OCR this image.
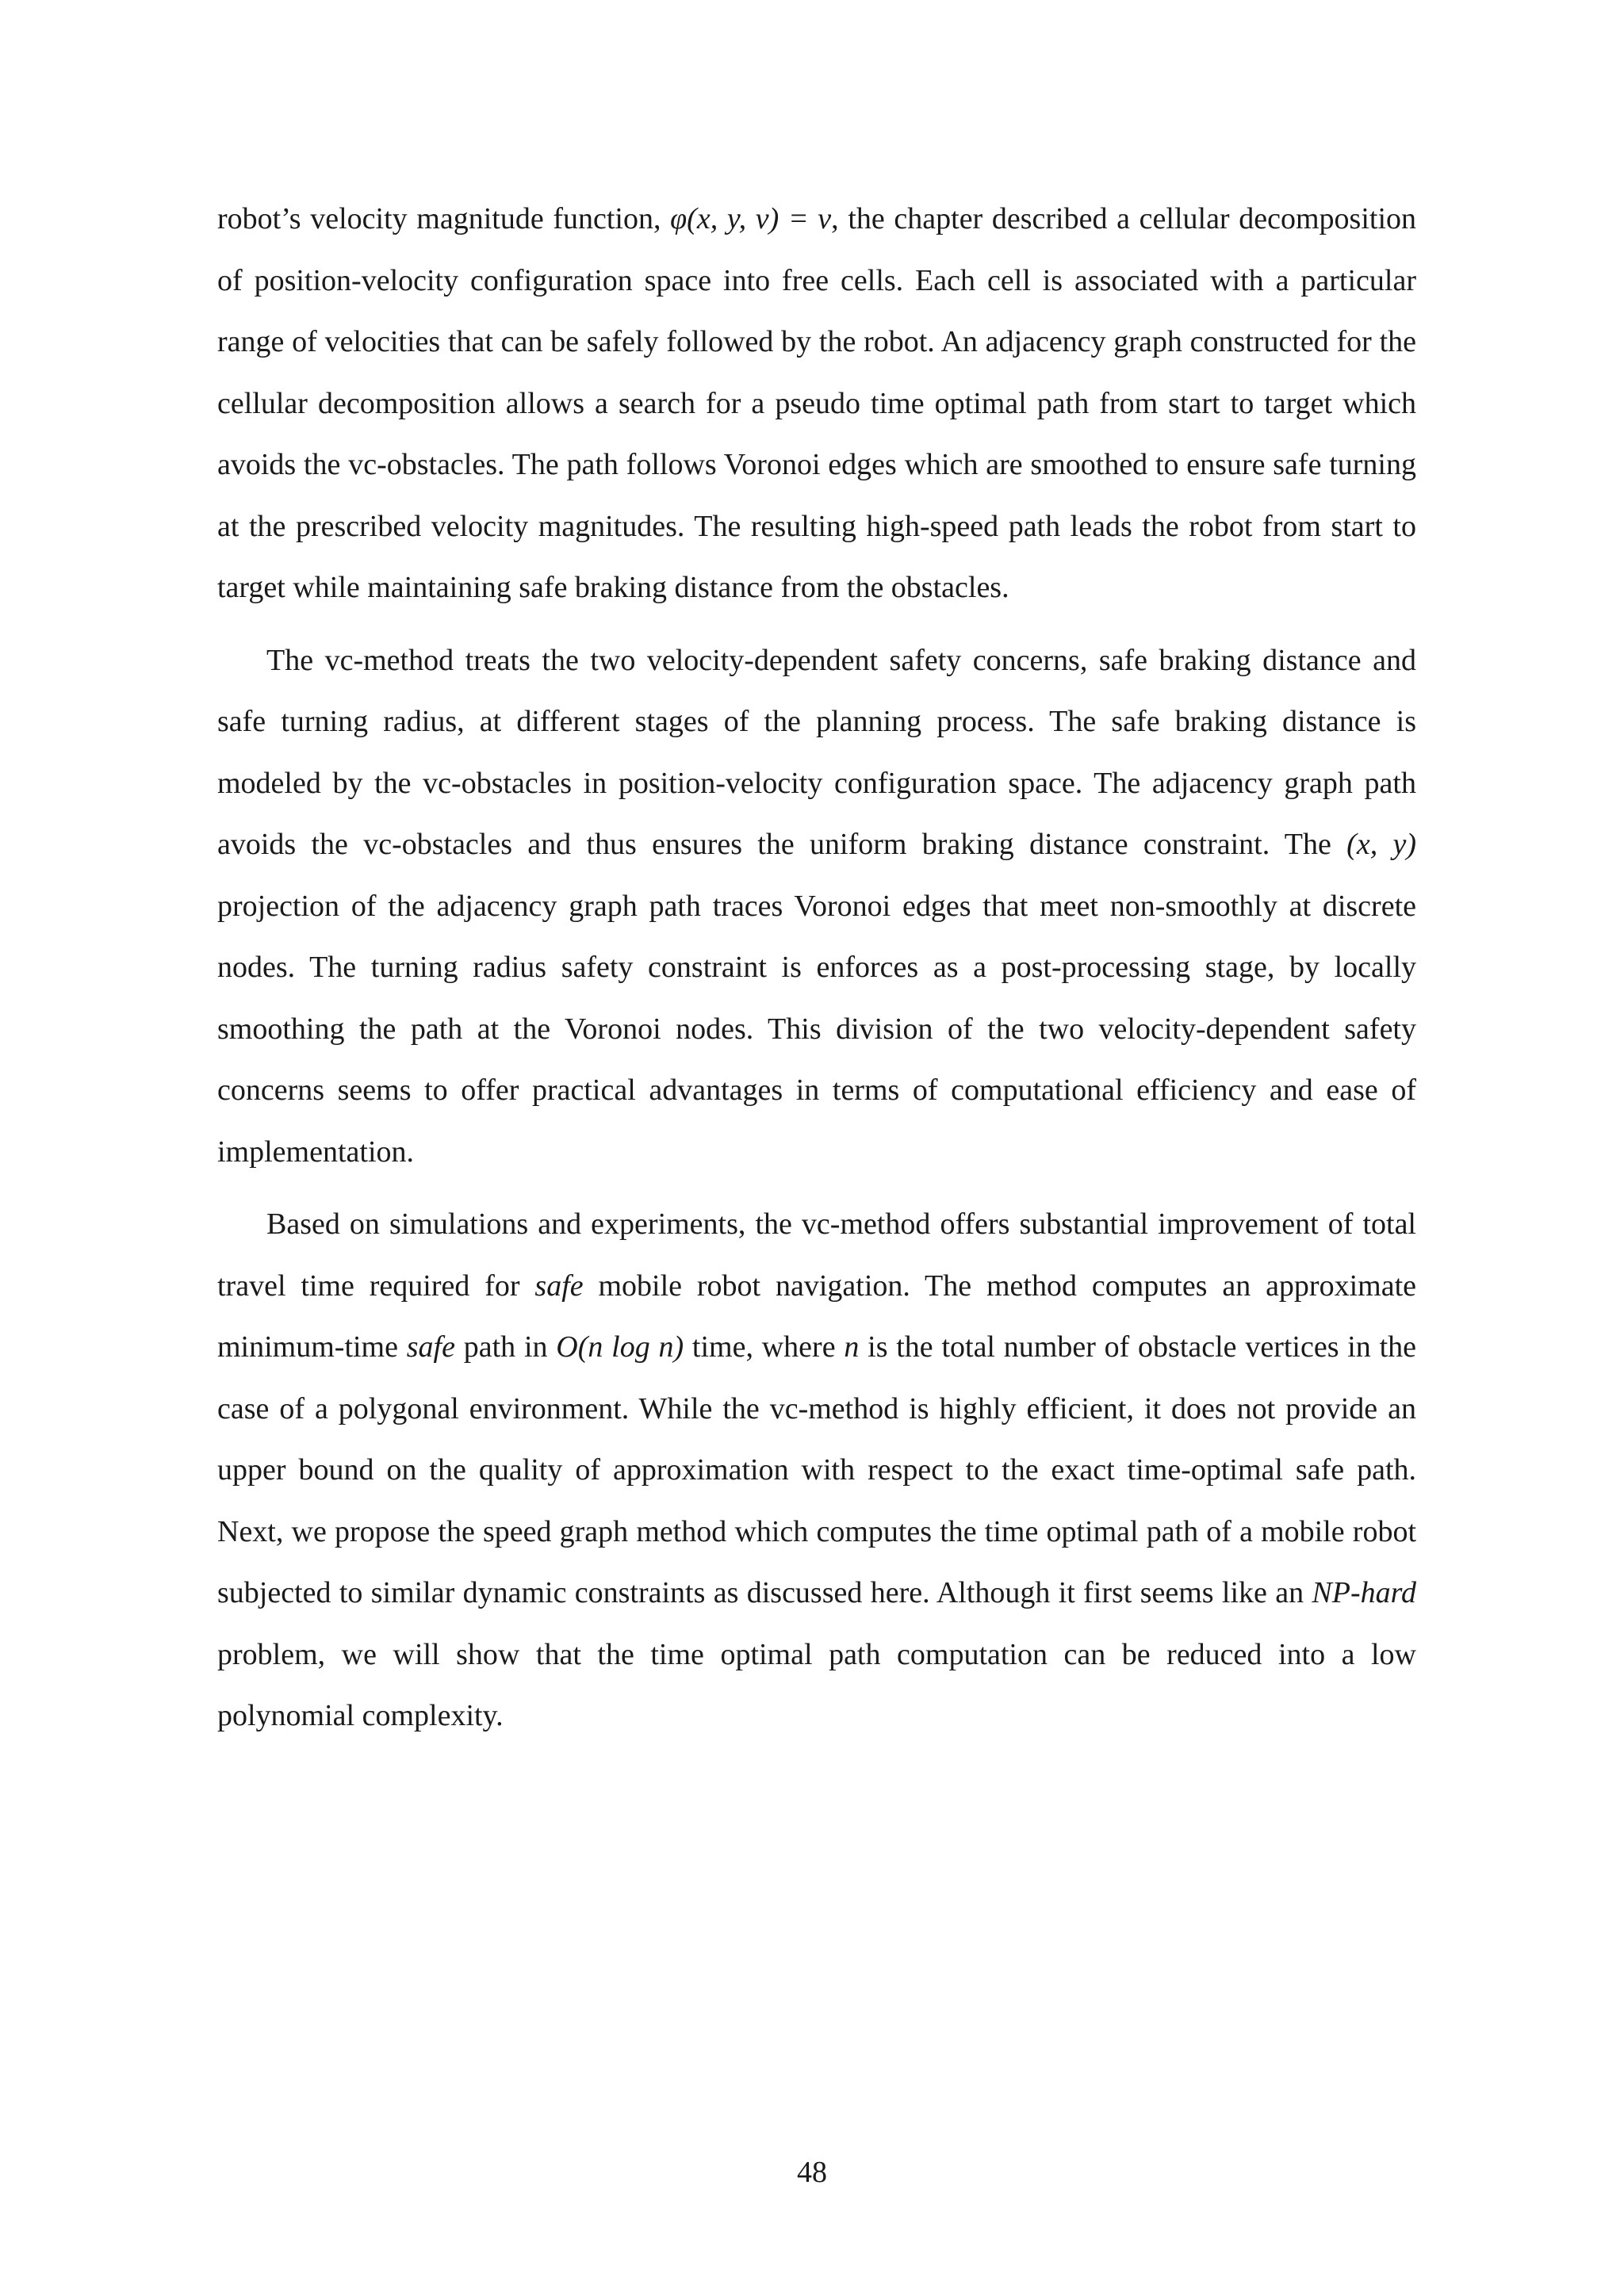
robot’s velocity magnitude function, φ(x, y, ν) = ν, the chapter described a cellular decomposition of position-velocity configuration space into free cells. Each cell is associated with a particular range of velocities that can be safely followed by the robot. An adjacency graph constructed for the cellular decomposition allows a search for a pseudo time optimal path from start to target which avoids the vc-obstacles. The path follows Voronoi edges which are smoothed to ensure safe turning at the prescribed velocity magnitudes. The resulting high-speed path leads the robot from start to target while maintaining safe braking distance from the obstacles.

The vc-method treats the two velocity-dependent safety concerns, safe braking distance and safe turning radius, at different stages of the planning process. The safe braking distance is modeled by the vc-obstacles in position-velocity configuration space. The adjacency graph path avoids the vc-obstacles and thus ensures the uniform braking distance constraint. The (x, y) projection of the adjacency graph path traces Voronoi edges that meet non-smoothly at discrete nodes. The turning radius safety constraint is enforces as a post-processing stage, by locally smoothing the path at the Voronoi nodes. This division of the two velocity-dependent safety concerns seems to offer practical advantages in terms of computational efficiency and ease of implementation.

Based on simulations and experiments, the vc-method offers substantial improvement of total travel time required for safe mobile robot navigation. The method computes an approximate minimum-time safe path in O(n log n) time, where n is the total number of obstacle vertices in the case of a polygonal environment. While the vc-method is highly efficient, it does not provide an upper bound on the quality of approximation with respect to the exact time-optimal safe path. Next, we propose the speed graph method which computes the time optimal path of a mobile robot subjected to similar dynamic constraints as discussed here. Although it first seems like an NP-hard problem, we will show that the time optimal path computation can be reduced into a low polynomial complexity.

48
